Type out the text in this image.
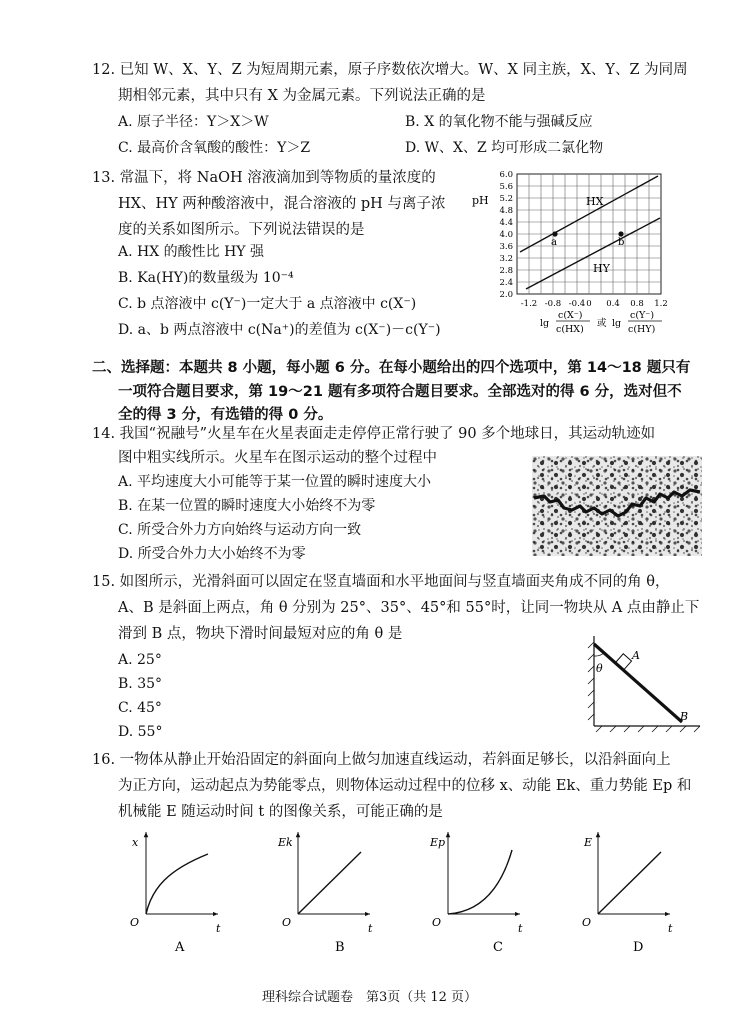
12. 已知 W、X、Y、Z 为短周期元素，原子序数依次增大。W、X 同主族，X、Y、Z 为同周
期相邻元素，其中只有 X 为金属元素。下列说法正确的是
A. 原子半径：Y＞X＞W	B. X 的氧化物不能与强碱反应
C. 最高价含氧酸的酸性：Y＞Z	D. W、X、Z 均可形成二氯化物
13. 常温下，将 NaOH 溶液滴加到等物质的量浓度的
HX、HY 两种酸溶液中，混合溶液的 pH 与离子浓
度的关系如图所示。下列说法错误的是
A. HX 的酸性比 HY 强
B. Ka(HY)的数量级为 10⁻⁴
C. b 点溶液中 c(Y⁻)一定大于 a 点溶液中 c(X⁻)
D. a、b 两点溶液中 c(Na⁺)的差值为 c(X⁻)－c(Y⁻)
pH
6.0
5.6
5.2
4.8
4.4
4.0
3.6
3.2
2.8
2.4
2.0
-1.2 -0.8 -0.4 0 0.4 0.8 1.2
HX
HY
a	b
lg
c(X⁻)
c(HX)
或 lg
c(Y⁻)
c(HY)
二、选择题：本题共 8 小题，每小题 6 分。在每小题给出的四个选项中，第 14～18 题只有
一项符合题目要求，第 19～21 题有多项符合题目要求。全部选对的得 6 分，选对但不
全的得 3 分，有选错的得 0 分。
14. 我国“祝融号”火星车在火星表面走走停停正常行驶了 90 多个地球日，其运动轨迹如
图中粗实线所示。火星车在图示运动的整个过程中
A. 平均速度大小可能等于某一位置的瞬时速度大小
B. 在某一位置的瞬时速度大小始终不为零
C. 所受合外力方向始终与运动方向一致
D. 所受合外力大小始终不为零
15. 如图所示，光滑斜面可以固定在竖直墙面和水平地面间与竖直墙面夹角成不同的角 θ，
A、B 是斜面上两点，角 θ 分别为 25°、35°、45°和 55°时，让同一物块从 A 点由静止下
滑到 B 点，物块下滑时间最短对应的角 θ 是
A. 25°
B. 35°
C. 45°
D. 55°
θ
A
B
16. 一物体从静止开始沿固定的斜面向上做匀加速直线运动，若斜面足够长，以沿斜面向上
为正方向，运动起点为势能零点，则物体运动过程中的位移 x、动能 Ek、重力势能 Ep 和
机械能 E 随运动时间 t 的图像关系，可能正确的是
x
O	t
A
Ek
O	t
B
Ep
O	t
C
E
O	t
D
理科综合试题卷　第3页（共 12 页）
